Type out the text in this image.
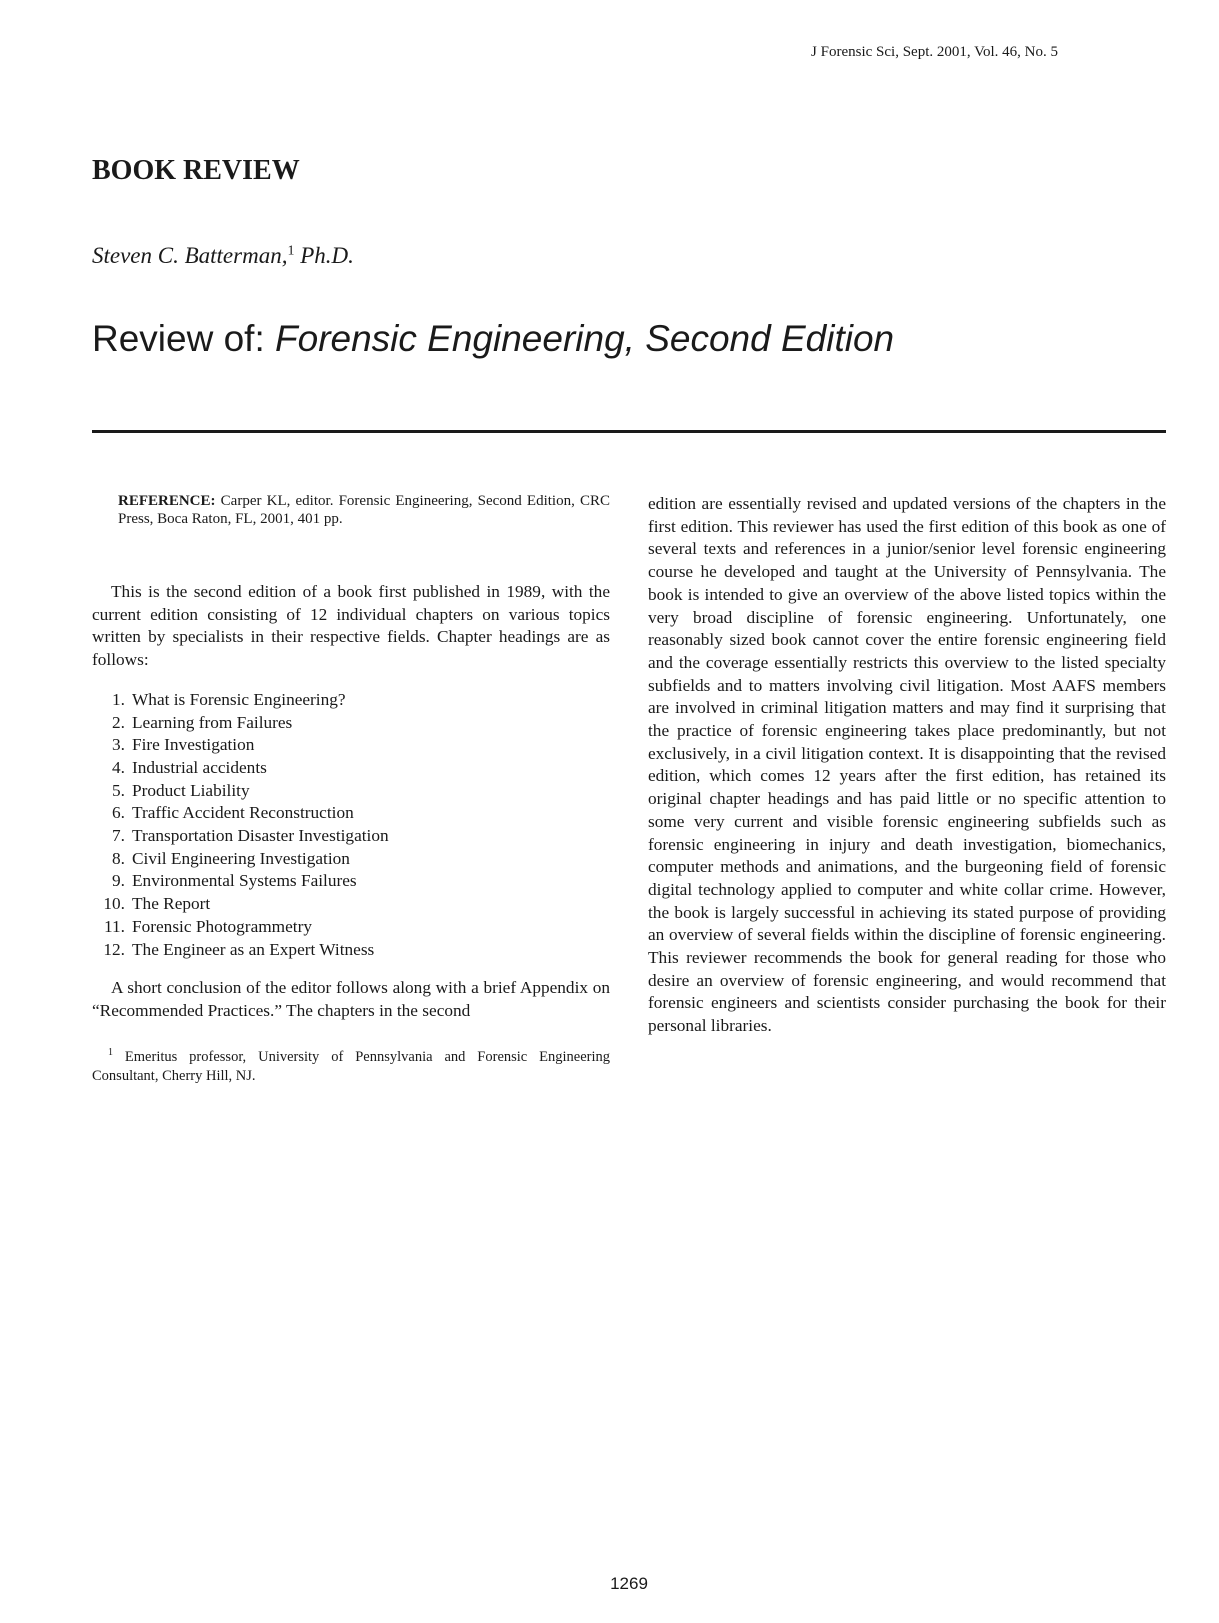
J Forensic Sci, Sept. 2001, Vol. 46, No. 5
BOOK REVIEW

Steven C. Batterman,$^1$ Ph.D.

Review of: Forensic Engineering, Second Edition

REFERENCE: Carper KL, editor. Forensic Engineering, Second Edition, CRC Press, Boca Raton, FL, 2001, 401 pp.

This is the second edition of a book first published in 1989, with the current edition consisting of 12 individual chapters on various topics written by specialists in their respective fields. Chapter headings are as follows:

1. What is Forensic Engineering?
2. Learning from Failures
3. Fire Investigation
4. Industrial accidents
5. Product Liability
6. Traffic Accident Reconstruction
7. Transportation Disaster Investigation
8. Civil Engineering Investigation
9. Environmental Systems Failures
10. The Report
11. Forensic Photogrammetry
12. The Engineer as an Expert Witness

A short conclusion of the editor follows along with a brief Appendix on “Recommended Practices.” The chapters in the second

$^1$ Emeritus professor, University of Pennsylvania and Forensic Engineering Consultant, Cherry Hill, NJ.

edition are essentially revised and updated versions of the chapters in the first edition. This reviewer has used the first edition of this book as one of several texts and references in a junior/senior level forensic engineering course he developed and taught at the University of Pennsylvania. The book is intended to give an overview of the above listed topics within the very broad discipline of forensic engineering. Unfortunately, one reasonably sized book cannot cover the entire forensic engineering field and the coverage essentially restricts this overview to the listed specialty subfields and to matters involving civil litigation. Most AAFS members are involved in criminal litigation matters and may find it surprising that the practice of forensic engineering takes place predominantly, but not exclusively, in a civil litigation context. It is disappointing that the revised edition, which comes 12 years after the first edition, has retained its original chapter headings and has paid little or no specific attention to some very current and visible forensic engineering subfields such as forensic engineering in injury and death investigation, biomechanics, computer methods and animations, and the burgeoning field of forensic digital technology applied to computer and white collar crime. However, the book is largely successful in achieving its stated purpose of providing an overview of several fields within the discipline of forensic engineering. This reviewer recommends the book for general reading for those who desire an overview of forensic engineering, and would recommend that forensic engineers and scientists consider purchasing the book for their personal libraries.

1269
